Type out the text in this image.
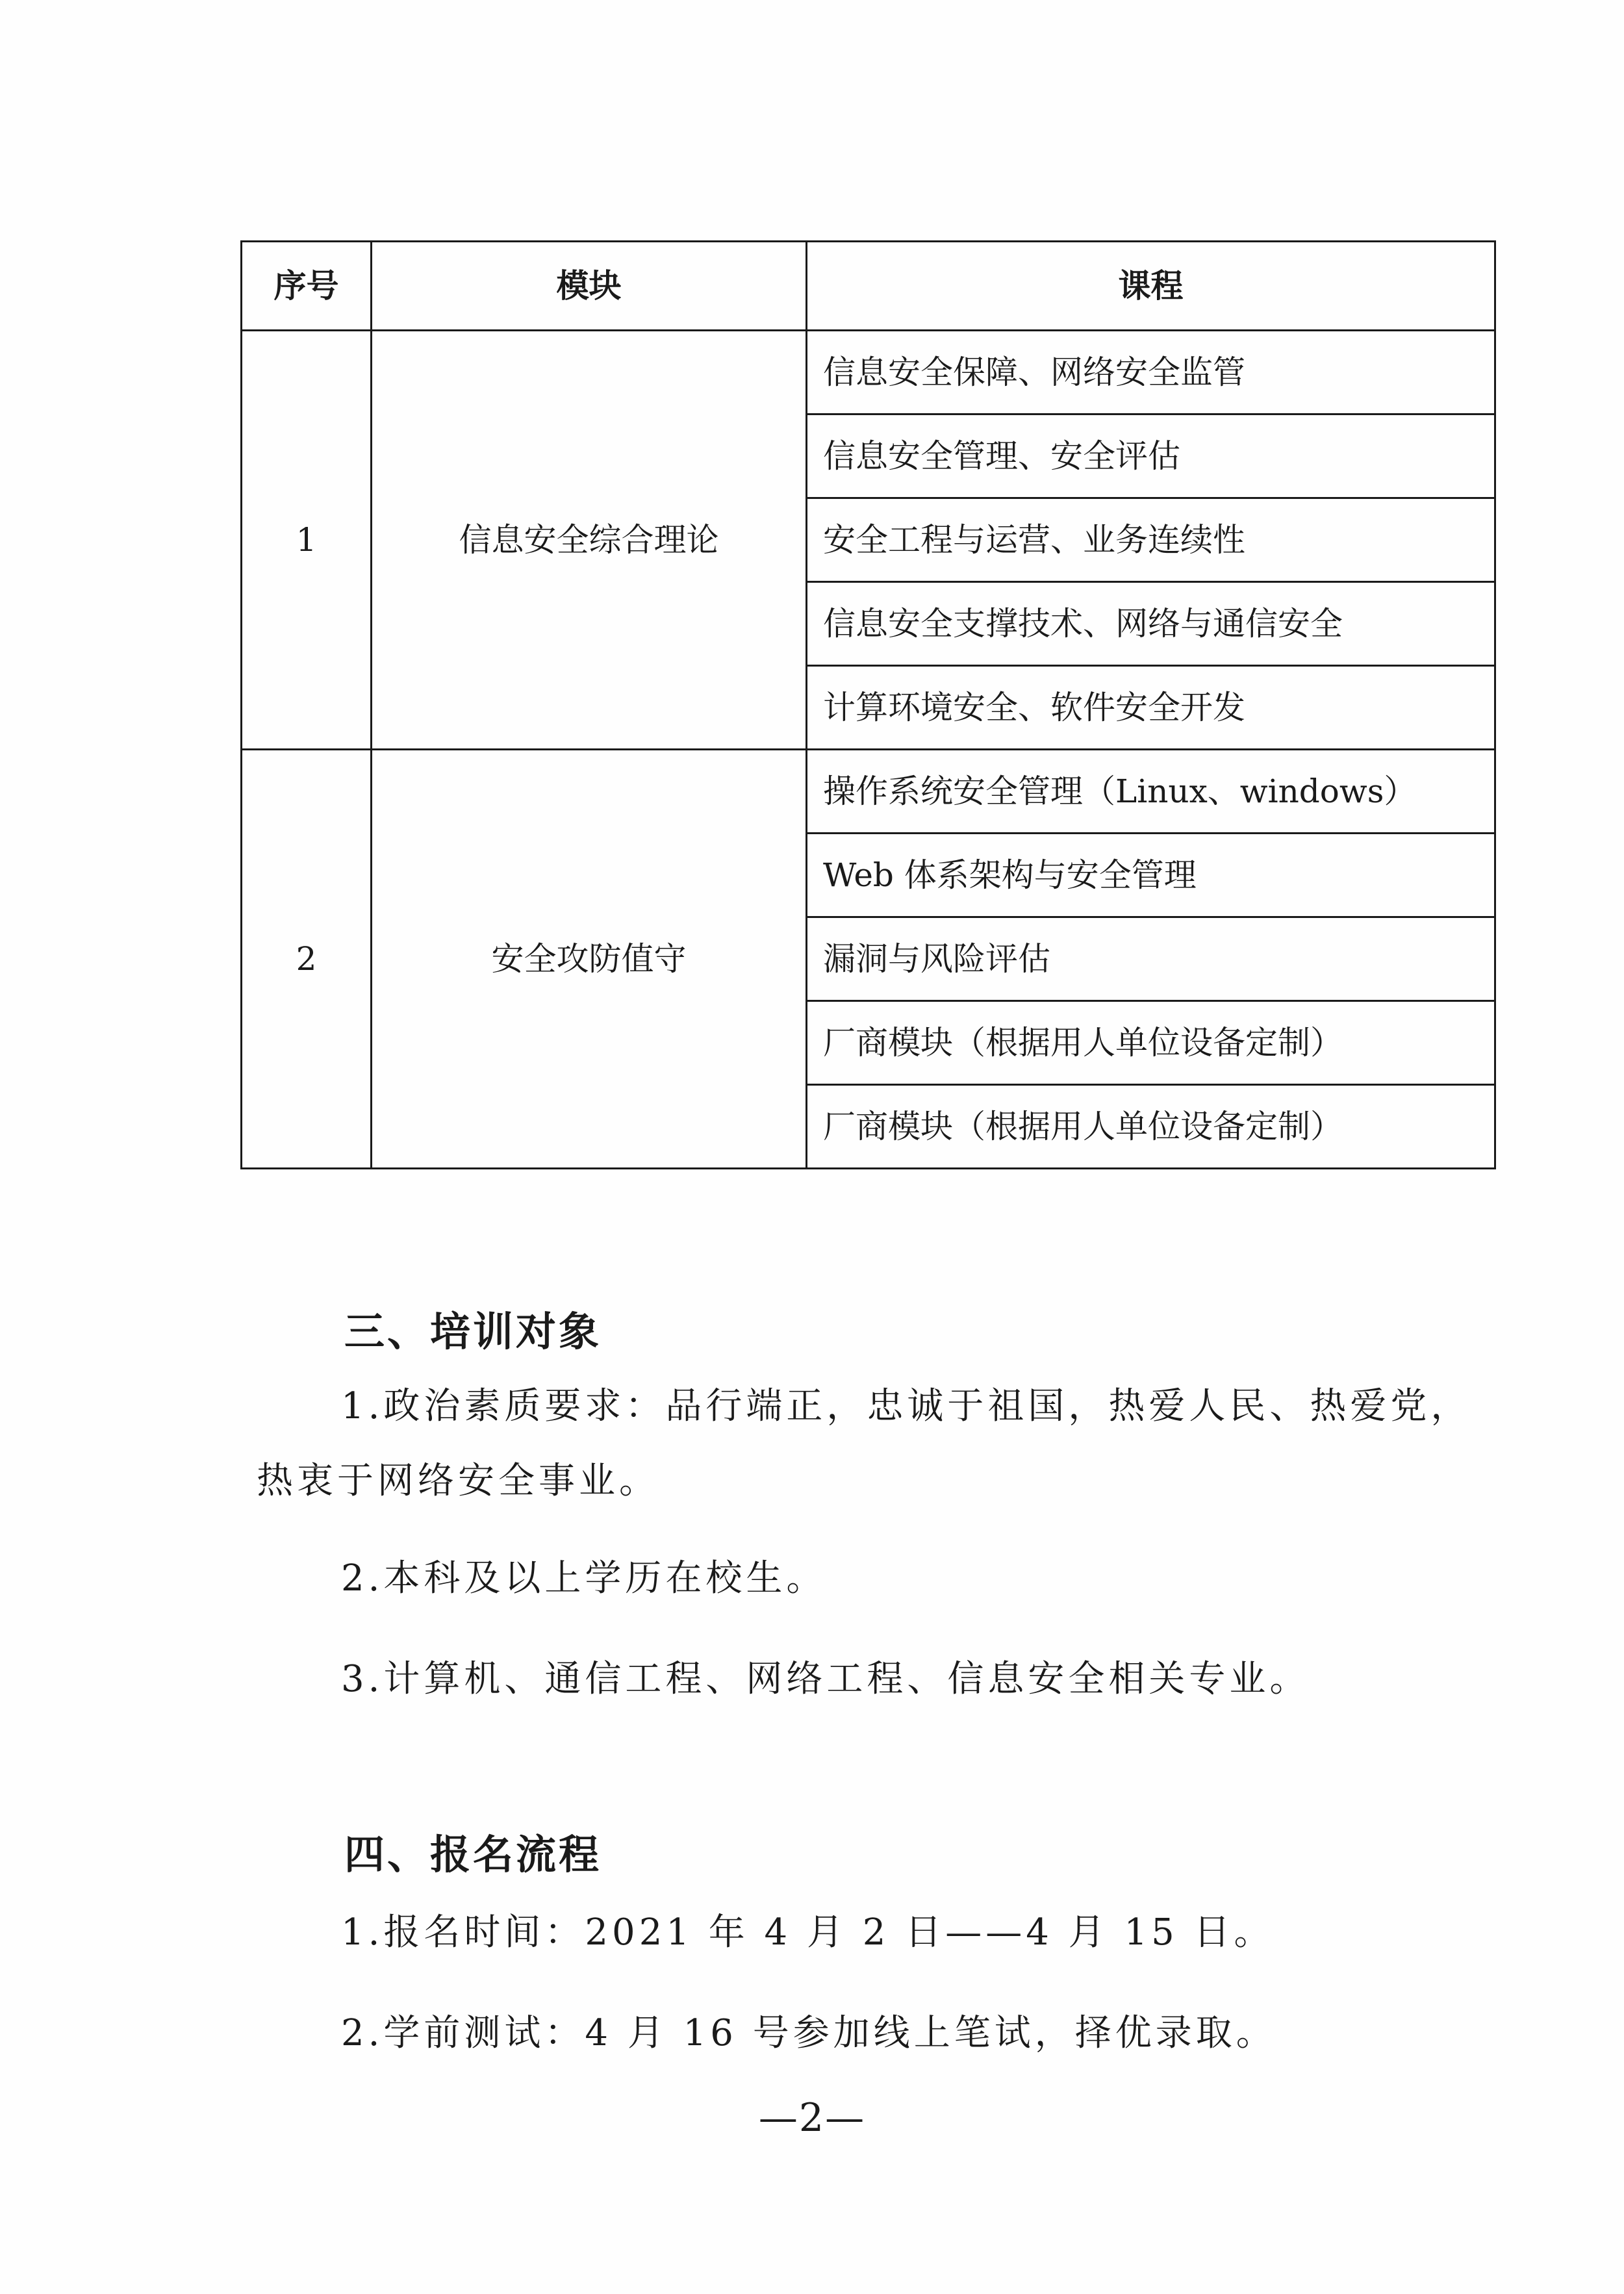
序号	模块	课程
1	信息安全综合理论	信息安全保障、网络安全监管
		信息安全管理、安全评估
		安全工程与运营、业务连续性
		信息安全支撑技术、网络与通信安全
		计算环境安全、软件安全开发
2	安全攻防值守	操作系统安全管理（Linux、windows）
		Web 体系架构与安全管理
		漏洞与风险评估
		厂商模块（根据用人单位设备定制）
		厂商模块（根据用人单位设备定制）
三、培训对象
1.政治素质要求：品行端正，忠诚于祖国，热爱人民、热爱党，
热衷于网络安全事业。
2.本科及以上学历在校生。
3.计算机、通信工程、网络工程、信息安全相关专业。
四、报名流程
1.报名时间：2021 年 4 月 2 日——4 月 15 日。
2.学前测试：4 月 16 号参加线上笔试，择优录取。
—2—
